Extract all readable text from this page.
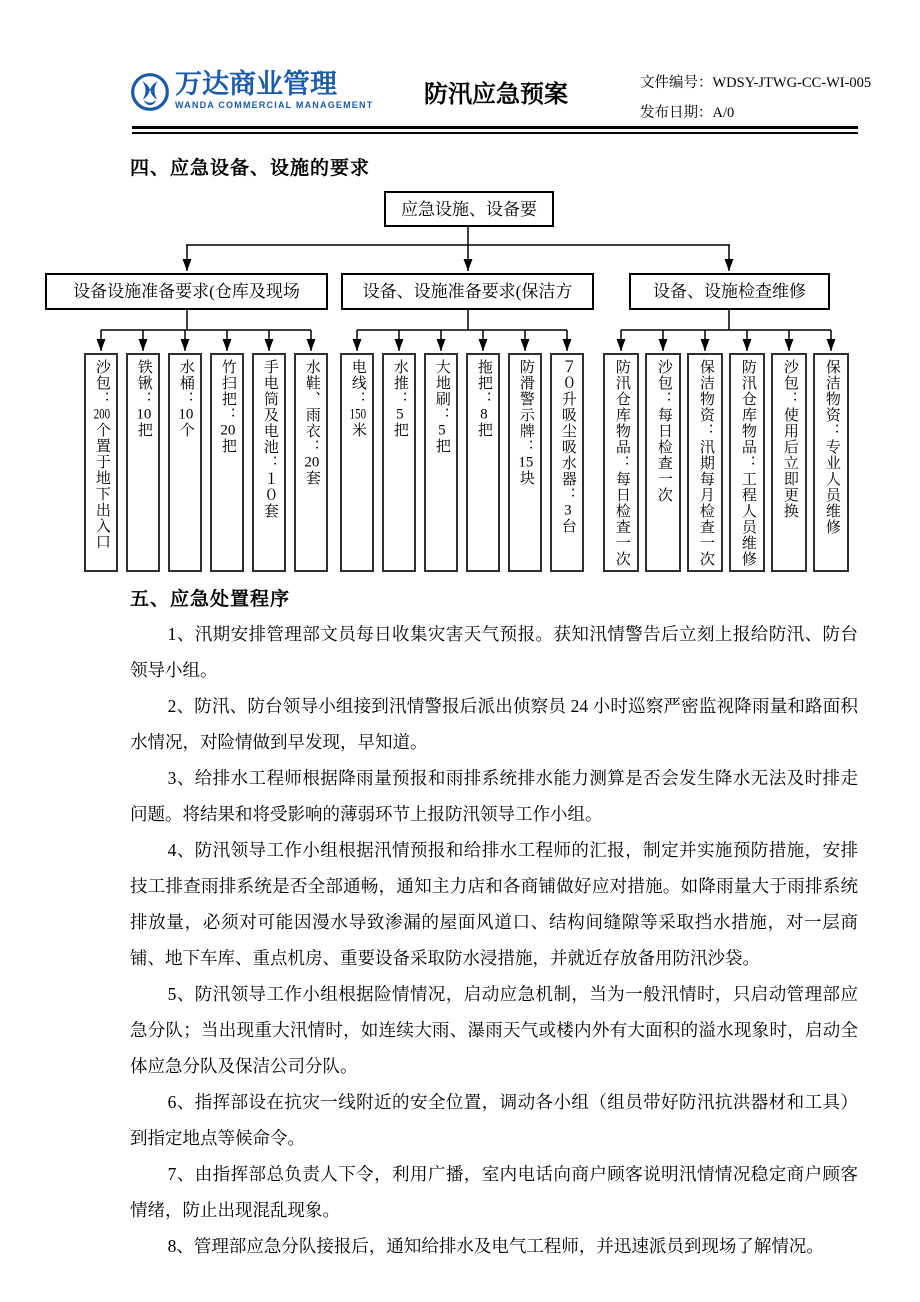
万达商业管理
WANDA COMMERCIAL MANAGEMENT 防汛应急预案	文件编号：WDSY-JTWG-CC-WI-005
发布日期：A/0
四、应急设备、设施的要求
应急设施、设备要
设备设施准备要求(仓库及现场	设备、设施准备要求(保洁方	设备、设施检查维修
沙包：200个置于地下出入口
铁锹：10把
水桶：10个
竹扫把：20把 手电筒及电池：１０套 水鞋、雨衣：20套
电线：150米
水推：5把
大地刷：5把
拖把：8把 防滑警示牌：15块 ７０升吸尘吸水器：3台	防汛仓库物品：每日检查一次 沙包：每日检查一次 保洁物资：汛期每月检查一次 防汛仓库物品：工程人员维修 沙包：使用后立即更换 保洁物资：专业人员维修
五、应急处置程序

1、汛期安排管理部文员每日收集灾害天气预报。获知汛情警告后立刻上报给防汛、防台领导小组。

2、防汛、防台领导小组接到汛情警报后派出侦察员 24 小时巡察严密监视降雨量和路面积水情况，对险情做到早发现，早知道。

3、给排水工程师根据降雨量预报和雨排系统排水能力测算是否会发生降水无法及时排走问题。将结果和将受影响的薄弱环节上报防汛领导工作小组。

4、防汛领导工作小组根据汛情预报和给排水工程师的汇报，制定并实施预防措施，安排技工排查雨排系统是否全部通畅，通知主力店和各商铺做好应对措施。如降雨量大于雨排系统排放量，必须对可能因漫水导致渗漏的屋面风道口、结构间缝隙等采取挡水措施，对一层商铺、地下车库、重点机房、重要设备采取防水浸措施，并就近存放备用防汛沙袋。

5、防汛领导工作小组根据险情情况，启动应急机制，当为一般汛情时，只启动管理部应急分队；当出现重大汛情时，如连续大雨、瀑雨天气或楼内外有大面积的溢水现象时，启动全体应急分队及保洁公司分队。

6、指挥部设在抗灾一线附近的安全位置，调动各小组（组员带好防汛抗洪器材和工具）到指定地点等候命令。

7、由指挥部总负责人下令，利用广播，室内电话向商户顾客说明汛情情况稳定商户顾客情绪，防止出现混乱现象。

8、管理部应急分队接报后，通知给排水及电气工程师，并迅速派员到现场了解情况。
